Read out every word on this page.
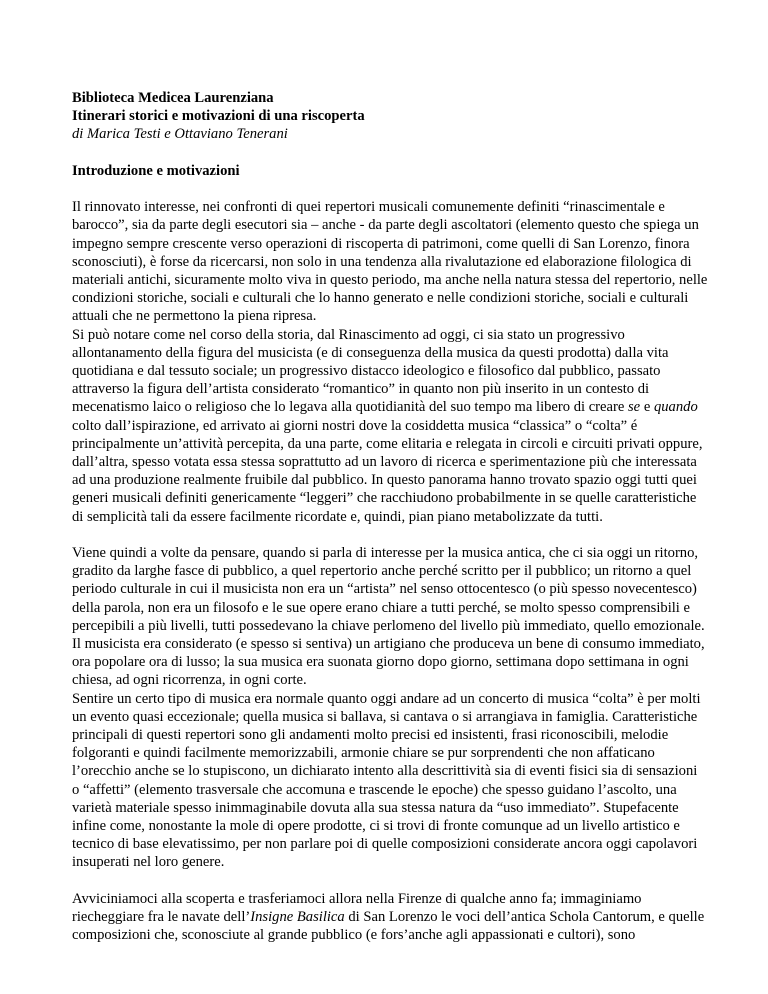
Biblioteca Medicea Laurenziana

Itinerari storici e motivazioni di una riscoperta

di Marica Testi e Ottaviano Tenerani

Introduzione e motivazioni

Il rinnovato interesse, nei confronti di quei repertori musicali comunemente definiti “rinascimentale e barocco”, sia da parte degli esecutori sia – anche - da parte degli ascoltatori (elemento questo che spiega un impegno sempre crescente verso operazioni di riscoperta di patrimoni, come quelli di San Lorenzo, finora sconosciuti), è forse da ricercarsi, non solo in una tendenza alla rivalutazione ed elaborazione filologica di materiali antichi, sicuramente molto viva in questo periodo, ma anche nella natura stessa del repertorio, nelle condizioni storiche, sociali e culturali che lo hanno generato e nelle condizioni storiche, sociali e culturali attuali che ne permettono la piena ripresa.

Si può notare come nel corso della storia, dal Rinascimento ad oggi, ci sia stato un progressivo allontanamento della figura del musicista (e di conseguenza della musica da questi prodotta) dalla vita quotidiana e dal tessuto sociale; un progressivo distacco ideologico e filosofico dal pubblico, passato attraverso la figura dell’artista considerato “romantico” in quanto non più inserito in un contesto di mecenatismo laico o religioso che lo legava alla quotidianità del suo tempo ma libero di creare se e quando colto dall’ispirazione, ed arrivato ai giorni nostri dove la cosiddetta musica “classica” o “colta” é principalmente un’attività percepita, da una parte, come elitaria e relegata in circoli e circuiti privati oppure, dall’altra, spesso votata essa stessa soprattutto ad un lavoro di ricerca e sperimentazione più che interessata ad una produzione realmente fruibile dal pubblico. In questo panorama hanno trovato spazio oggi tutti quei generi musicali definiti genericamente “leggeri” che racchiudono probabilmente in se quelle caratteristiche di semplicità tali da essere facilmente ricordate e, quindi, pian piano metabolizzate da tutti.

Viene quindi a volte da pensare, quando si parla di interesse per la musica antica, che ci sia oggi un ritorno, gradito da larghe fasce di pubblico, a quel repertorio anche perché scritto per il pubblico; un ritorno a quel periodo culturale in cui il musicista non era un “artista” nel senso ottocentesco (o più spesso novecentesco) della parola, non era un filosofo e le sue opere erano chiare a tutti perché, se molto spesso comprensibili e percepibili a più livelli, tutti possedevano la chiave perlomeno del livello più immediato, quello emozionale. Il musicista era considerato (e spesso si sentiva) un artigiano che produceva un bene di consumo immediato, ora popolare ora di lusso; la sua musica era suonata giorno dopo giorno, settimana dopo settimana in ogni chiesa, ad ogni ricorrenza, in ogni corte.

Sentire un certo tipo di musica era normale quanto oggi andare ad un concerto di musica “colta” è per molti un evento quasi eccezionale; quella musica si ballava, si cantava o si arrangiava in famiglia. Caratteristiche principali di questi repertori sono gli andamenti molto precisi ed insistenti, frasi riconoscibili, melodie folgoranti e quindi facilmente memorizzabili, armonie chiare se pur sorprendenti che non affaticano l’orecchio anche se lo stupiscono, un dichiarato intento alla descrittività sia di eventi fisici sia di sensazioni o “affetti” (elemento trasversale che accomuna e trascende le epoche) che spesso guidano l’ascolto, una varietà materiale spesso inimmaginabile dovuta alla sua stessa natura da “uso immediato”. Stupefacente infine come, nonostante la mole di opere prodotte, ci si trovi di fronte comunque ad un livello artistico e tecnico di base elevatissimo, per non parlare poi di quelle composizioni considerate ancora oggi capolavori insuperati nel loro genere.

Avviciniamoci alla scoperta e trasferiamoci allora nella Firenze di qualche anno fa; immaginiamo riecheggiare fra le navate dell’Insigne Basilica di San Lorenzo le voci dell’antica Schola Cantorum, e quelle composizioni che, sconosciute al grande pubblico (e fors’anche agli appassionati e cultori), sono
